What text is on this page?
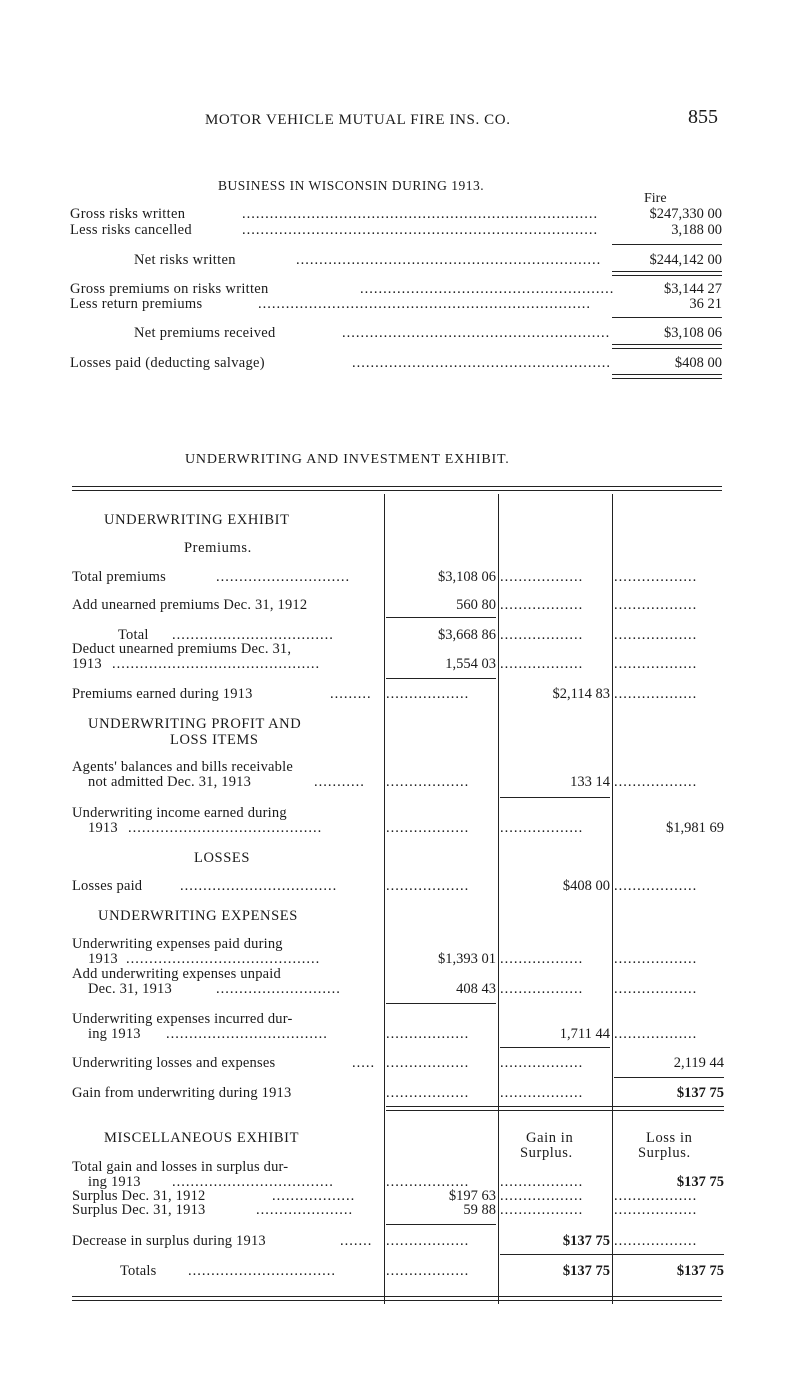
MOTOR VEHICLE MUTUAL FIRE INS. CO.	855
BUSINESS IN WISCONSIN DURING 1913.
Fire
Gross risks written	.............................................................................	$247,330 00
Less risks cancelled	.............................................................................	3,188 00
Net risks written	..................................................................	$244,142 00
Gross premiums on risks written	.......................................................	$3,144 27
Less return premiums	........................................................................	36 21
Net premiums received	..........................................................	$3,108 06
Losses paid (deducting salvage)	........................................................	$408 00
UNDERWRITING AND INVESTMENT EXHIBIT.
UNDERWRITING EXHIBIT
Premiums.
Total premiums	.............................	$3,108 06 ..................	..................
Add unearned premiums Dec. 31, 1912	560 80 ..................	..................
Total ...................................	$3,668 86 ..................	..................
Deduct unearned premiums Dec. 31,
1913 .............................................	1,554 03 ..................	..................
Premiums earned during 1913	......... ..................	$2,114 83 ..................
UNDERWRITING PROFIT AND
LOSS ITEMS
Agents' balances and bills receivable
not admitted Dec. 31, 1913	...........	..................	133 14 ..................
Underwriting income earned during
1913 ..........................................	..................	..................	$1,981 69
LOSSES
Losses paid	..................................	..................	$408 00 ..................
UNDERWRITING EXPENSES
Underwriting expenses paid during
1913 ..........................................	$1,393 01 ..................	..................
Add underwriting expenses unpaid
Dec. 31, 1913	...........................	408 43 ..................	..................
Underwriting expenses incurred dur-
ing 1913 ...................................	..................	1,711 44 ..................
Underwriting losses and expenses	..... ..................	..................	2,119 44
Gain from underwriting during 1913	..................	..................	$137 75
MISCELLANEOUS EXHIBIT	Gain in
Surplus.
Loss in
Surplus.
Total gain and losses in surplus dur-
ing 1913 ...................................	..................	..................	$137 75
Surplus Dec. 31, 1912	..................	$197 63 ..................	..................
Surplus Dec. 31, 1913	.....................	59 88 ..................	..................
Decrease in surplus during 1913	....... ..................	$137 75 ..................
Totals ................................	..................	$137 75	$137 75
